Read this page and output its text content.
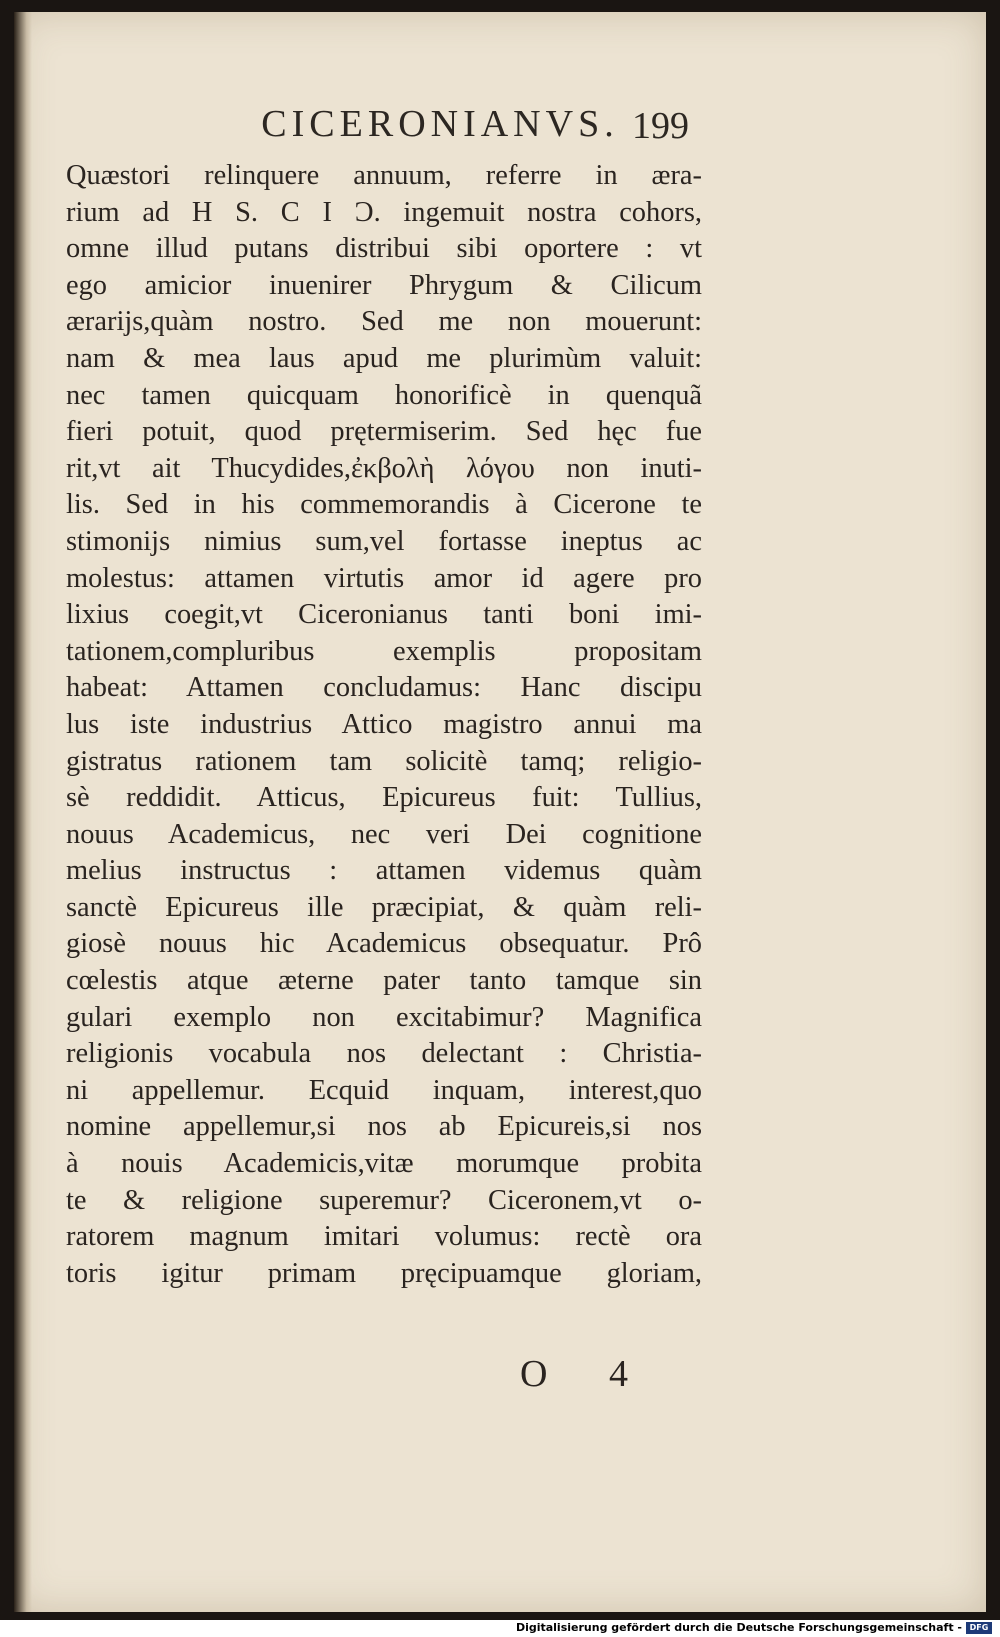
CICERONIANVS. 199
Quæstori relinquere annuum, referre in æra-
rium ad H S. C I Ɔ. ingemuit nostra cohors,
omne illud putans distribui sibi oportere : vt
ego amicior inuenirer Phrygum & Cilicum
ærarijs,quàm nostro. Sed me non mouerunt:
nam & mea laus apud me plurimùm valuit:
nec tamen quicquam honorificè in quenquã
fieri potuit, quod prętermiserim. Sed hęc fue
rit,vt ait Thucydides,ἐκβολὴ λόγου non inuti-
lis. Sed in his commemorandis à Cicerone te
stimonijs nimius sum,vel fortasse ineptus ac
molestus: attamen virtutis amor id agere pro
lixius coegit,vt Ciceronianus tanti boni imi-
tationem,compluribus exemplis propositam
habeat: Attamen concludamus: Hanc discipu
lus iste industrius Attico magistro annui ma
gistratus rationem tam solicitè tamq; religio-
sè reddidit. Atticus, Epicureus fuit: Tullius,
nouus Academicus, nec veri Dei cognitione
melius instructus : attamen videmus quàm
sanctè Epicureus ille præcipiat, & quàm reli-
giosè nouus hic Academicus obsequatur. Prô
cœlestis atque æterne pater tanto tamque sin
gulari exemplo non excitabimur? Magnifica
religionis vocabula nos delectant : Christia-
ni appellemur. Ecquid inquam, interest,quo
nomine appellemur,si nos ab Epicureis,si nos
à nouis Academicis,vitæ morumque probita
te & religione superemur? Ciceronem,vt o-
ratorem magnum imitari volumus: rectè ora
toris igitur primam pręcipuamque gloriam,
O 4
Digitalisierung gefördert durch die Deutsche Forschungsgemeinschaft - DFG
